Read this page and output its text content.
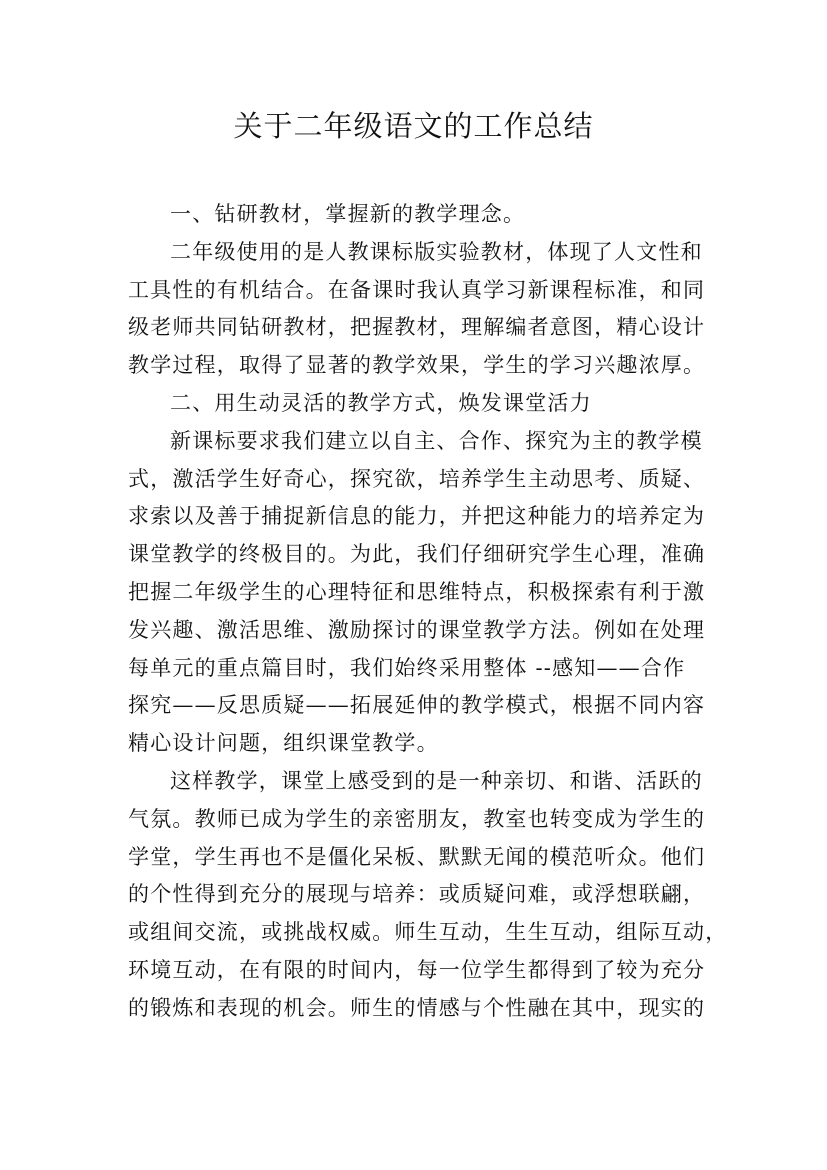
关于二年级语文的工作总结
一、钻研教材，掌握新的教学理念。
二年级使用的是人教课标版实验教材，体现了人文性和
工具性的有机结合。在备课时我认真学习新课程标准，和同
级老师共同钻研教材，把握教材，理解编者意图，精心设计
教学过程，取得了显著的教学效果，学生的学习兴趣浓厚。
二、用生动灵活的教学方式，焕发课堂活力
新课标要求我们建立以自主、合作、探究为主的教学模
式，激活学生好奇心，探究欲，培养学生主动思考、质疑、
求索以及善于捕捉新信息的能力，并把这种能力的培养定为
课堂教学的终极目的。为此，我们仔细研究学生心理，准确
把握二年级学生的心理特征和思维特点，积极探索有利于激
发兴趣、激活思维、激励探讨的课堂教学方法。例如在处理
每单元的重点篇目时，我们始终采用整体 --感知——合作
探究——反思质疑——拓展延伸的教学模式，根据不同内容
精心设计问题，组织课堂教学。
这样教学，课堂上感受到的是一种亲切、和谐、活跃的
气氛。教师已成为学生的亲密朋友，教室也转变成为学生的
学堂，学生再也不是僵化呆板、默默无闻的模范听众。他们
的个性得到充分的展现与培养：或质疑问难，或浮想联翩，
或组间交流，或挑战权威。师生互动，生生互动，组际互动，
环境互动，在有限的时间内，每一位学生都得到了较为充分
的锻炼和表现的机会。师生的情感与个性融在其中，现实的
